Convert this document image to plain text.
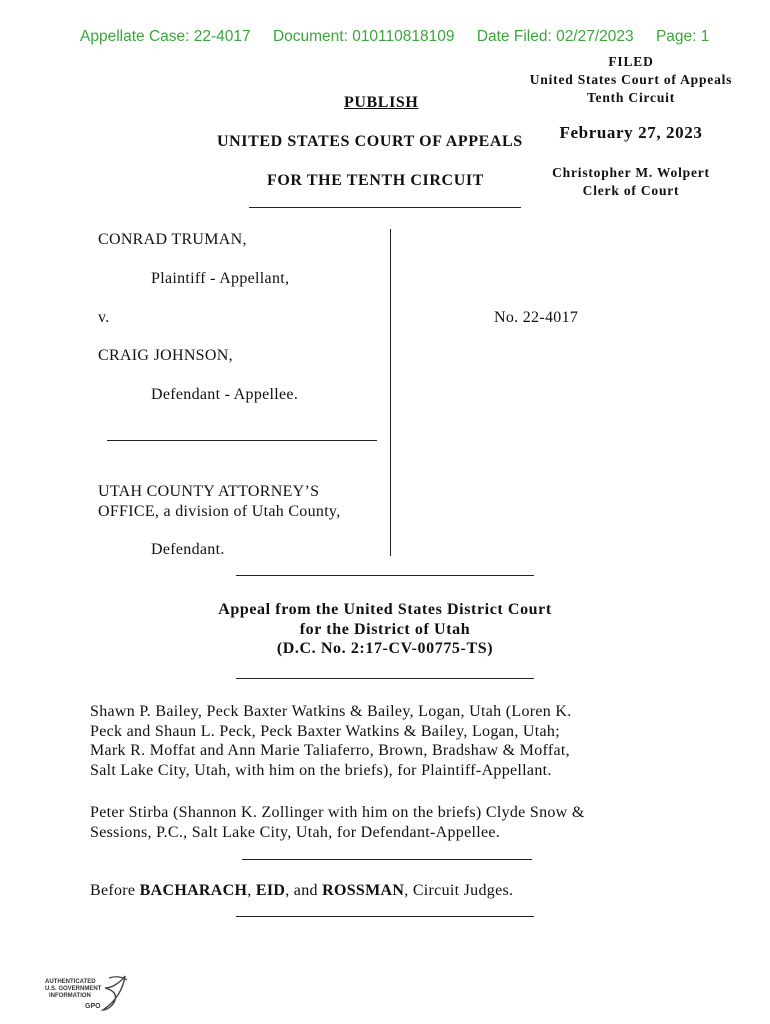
Appellate Case: 22-4017 Document: 010110818109 Date Filed: 02/27/2023 Page: 1
FILED
United States Court of Appeals
Tenth Circuit
February 27, 2023
Christopher M. Wolpert
Clerk of Court
PUBLISH
UNITED STATES COURT OF APPEALS
FOR THE TENTH CIRCUIT
CONRAD TRUMAN,
Plaintiff - Appellant,
v.
CRAIG JOHNSON,
Defendant - Appellee.
UTAH COUNTY ATTORNEY’S
OFFICE, a division of Utah County,
Defendant.
No. 22-4017
Appeal from the United States District Court
for the District of Utah
(D.C. No. 2:17-CV-00775-TS)
Shawn P. Bailey, Peck Baxter Watkins & Bailey, Logan, Utah (Loren K.
Peck and Shaun L. Peck, Peck Baxter Watkins & Bailey, Logan, Utah;
Mark R. Moffat and Ann Marie Taliaferro, Brown, Bradshaw & Moffat,
Salt Lake City, Utah, with him on the briefs), for Plaintiff-Appellant.
Peter Stirba (Shannon K. Zollinger with him on the briefs) Clyde Snow &
Sessions, P.C., Salt Lake City, Utah, for Defendant-Appellee.
Before BACHARACH, EID, and ROSSMAN, Circuit Judges.
AUTHENTICATED
U.S. GOVERNMENT
INFORMATION
GPO
